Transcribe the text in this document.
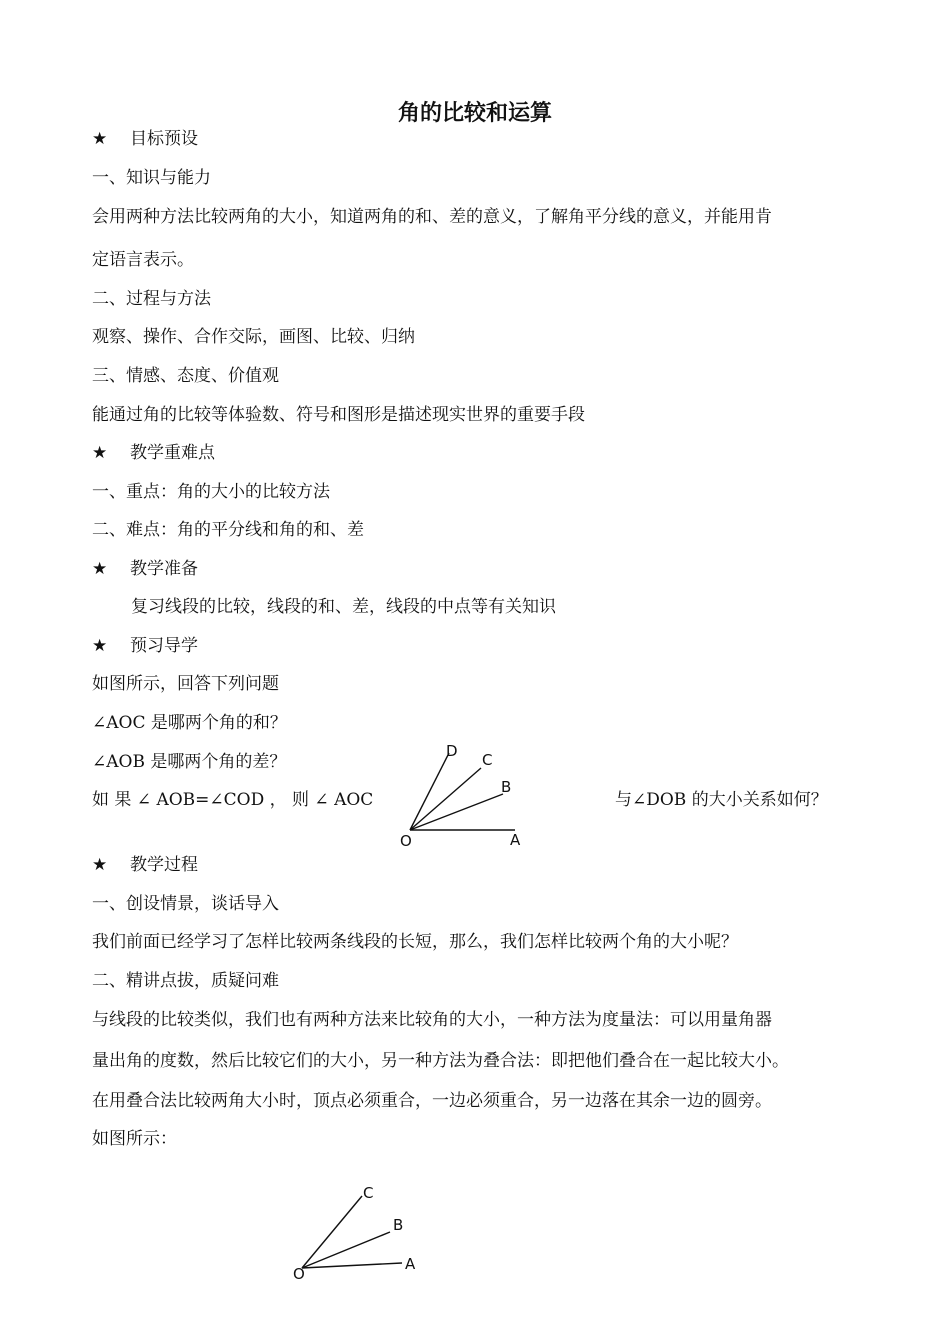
角的比较和运算
★ 目标预设
一、知识与能力
会用两种方法比较两角的大小，知道两角的和、差的意义，了解角平分线的意义，并能用肯
定语言表示。
二、过程与方法
观察、操作、合作交际，画图、比较、归纳
三、情感、态度、价值观
能通过角的比较等体验数、符号和图形是描述现实世界的重要手段
★ 教学重难点
一、重点：角的大小的比较方法
二、难点：角的平分线和角的和、差
★ 教学准备
复习线段的比较，线段的和、差，线段的中点等有关知识
★ 预习导学
如图所示，回答下列问题
∠AOC 是哪两个角的和？
∠AOB 是哪两个角的差？
如 果 ∠ AOB=∠COD ， 则 ∠ AOC	与∠DOB 的大小关系如何？
O	A
B
C
D
★ 教学过程
一、创设情景，谈话导入
我们前面已经学习了怎样比较两条线段的长短，那么，我们怎样比较两个角的大小呢？
二、精讲点拔，质疑问难
与线段的比较类似，我们也有两种方法来比较角的大小，一种方法为度量法：可以用量角器
量出角的度数，然后比较它们的大小，另一种方法为叠合法：即把他们叠合在一起比较大小。
在用叠合法比较两角大小时，顶点必须重合，一边必须重合，另一边落在其余一边的圆旁。
如图所示：
O
A
B
C
